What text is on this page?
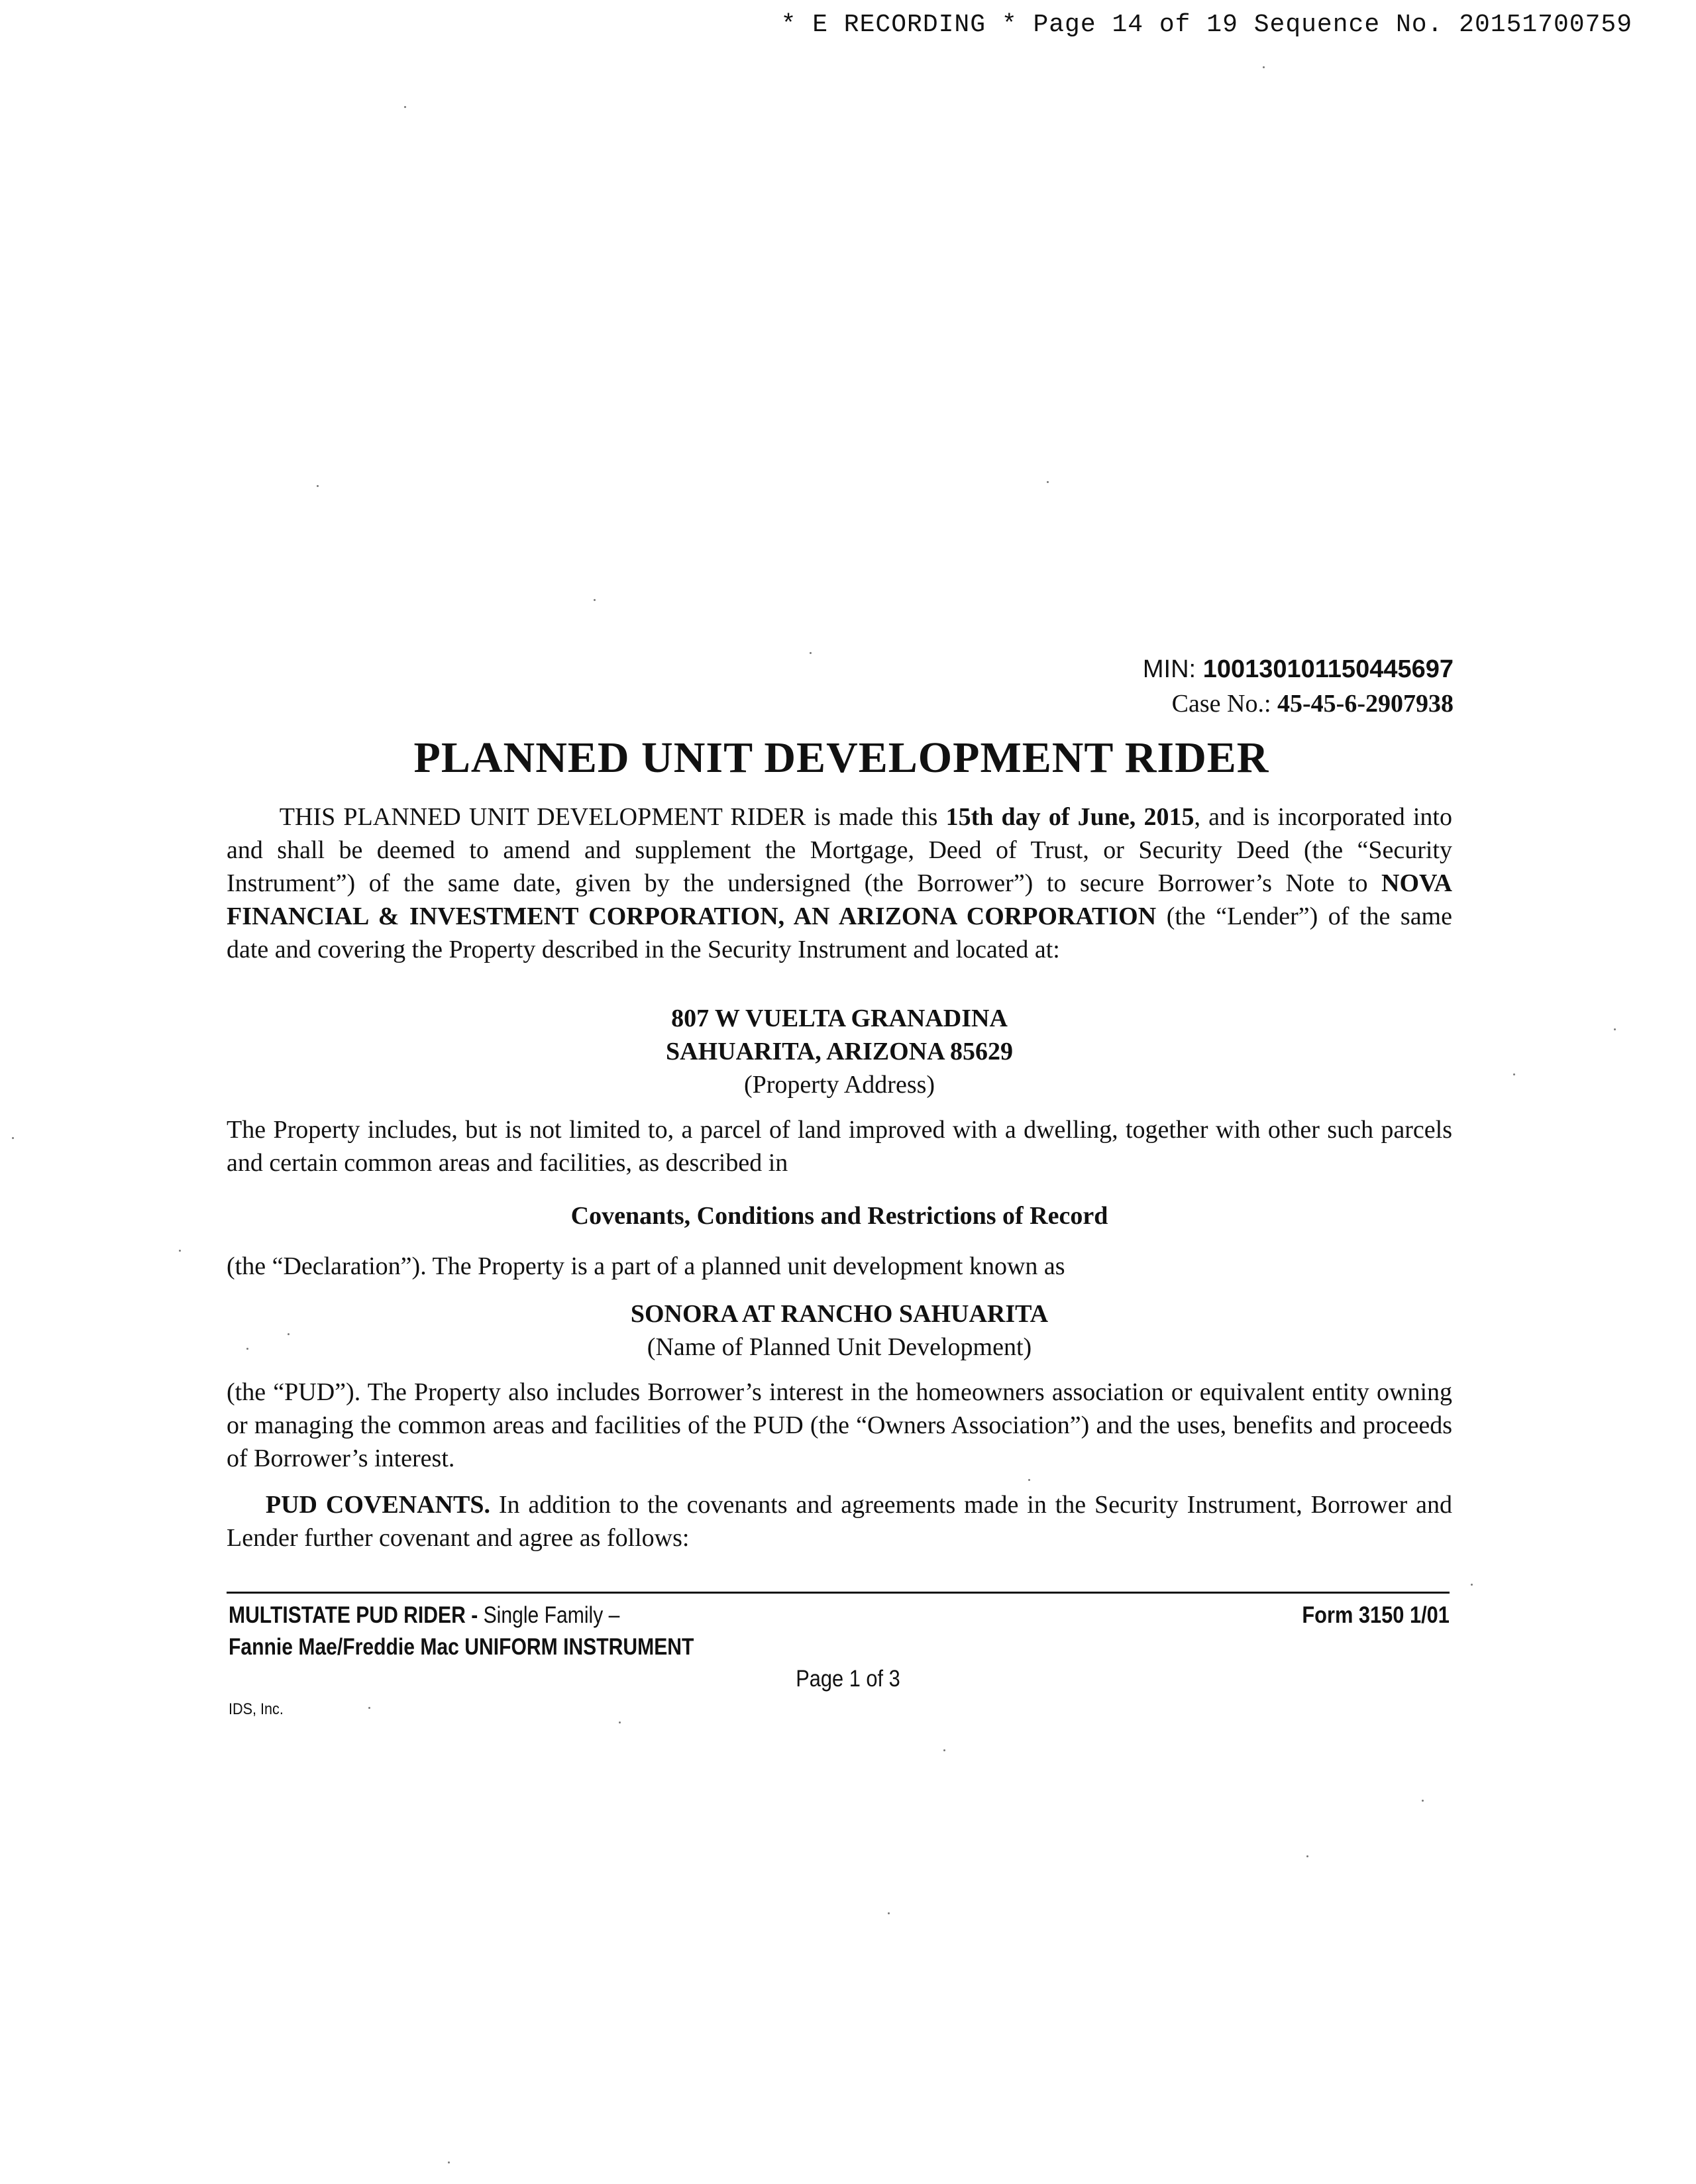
* E RECORDING * Page 14 of 19 Sequence No. 20151700759
MIN: 100130101150445697
Case No.: 45-45-6-2907938
PLANNED UNIT DEVELOPMENT RIDER
THIS PLANNED UNIT DEVELOPMENT RIDER is made this 15th day of June, 2015, and is incorporated into and shall be deemed to amend and supplement the Mortgage, Deed of Trust, or Security Deed (the “Security Instrument”) of the same date, given by the undersigned (the Borrower”) to secure Borrower’s Note to NOVA FINANCIAL & INVESTMENT CORPORATION, AN ARIZONA CORPORATION (the “Lender”) of the same date and covering the Property described in the Security Instrument and located at:
807 W VUELTA GRANADINA
SAHUARITA, ARIZONA 85629
(Property Address)
The Property includes, but is not limited to, a parcel of land improved with a dwelling, together with other such parcels and certain common areas and facilities, as described in
Covenants, Conditions and Restrictions of Record
(the “Declaration”). The Property is a part of a planned unit development known as
SONORA AT RANCHO SAHUARITA
(Name of Planned Unit Development)
(the “PUD”). The Property also includes Borrower’s interest in the homeowners association or equivalent entity owning or managing the common areas and facilities of the PUD (the “Owners Association”) and the uses, benefits and proceeds of Borrower’s interest.
PUD COVENANTS. In addition to the covenants and agreements made in the Security Instrument, Borrower and Lender further covenant and agree as follows:
MULTISTATE PUD RIDER - Single Family –
Fannie Mae/Freddie Mac UNIFORM INSTRUMENT
Form 3150 1/01
Page 1 of 3
IDS, Inc.
